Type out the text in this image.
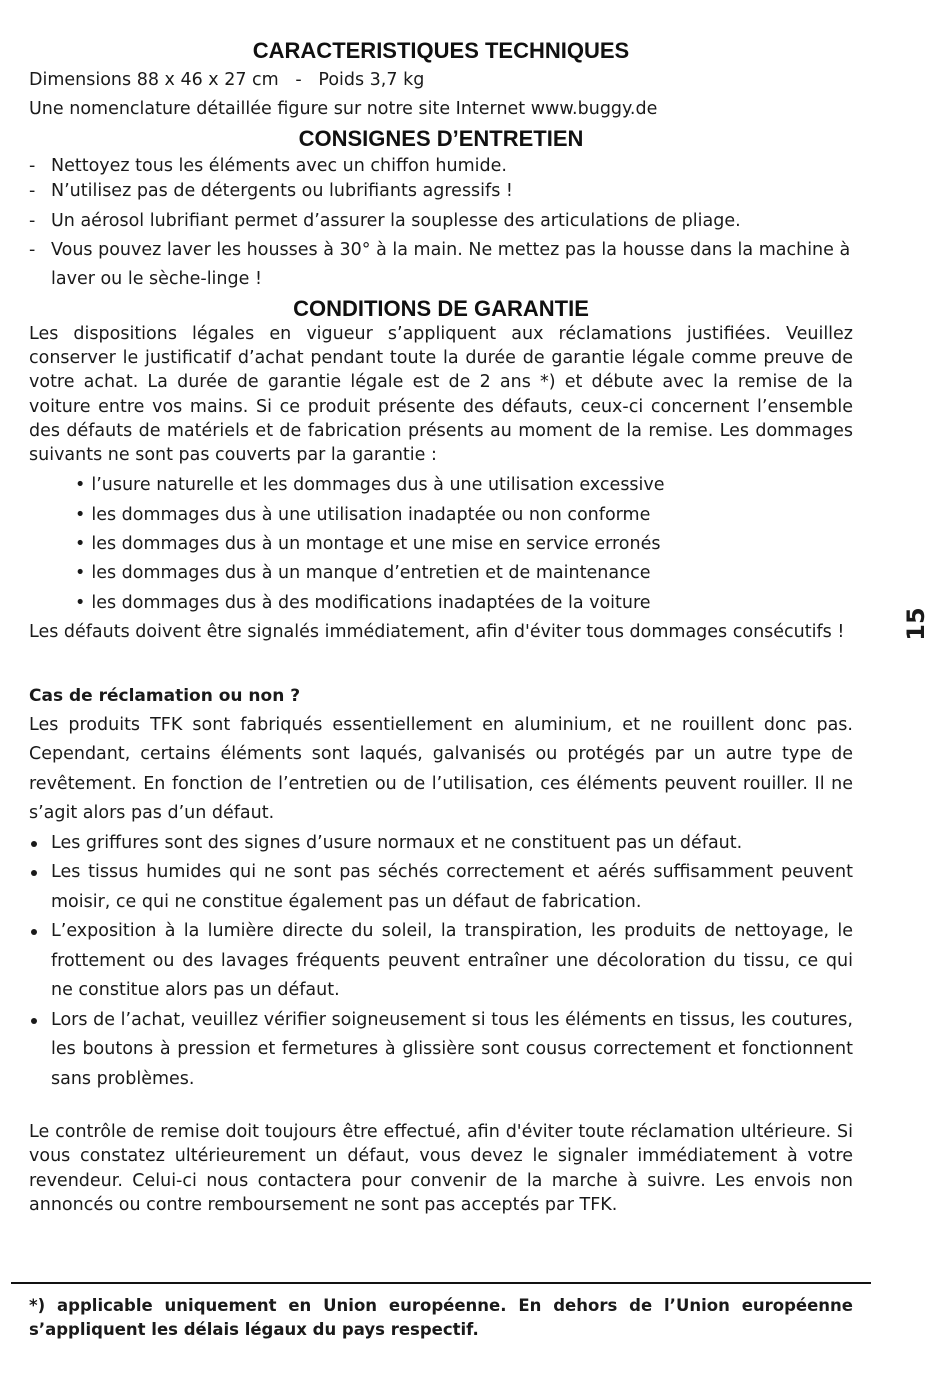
CARACTERISTIQUES TECHNIQUES
Dimensions 88 x 46 x 27 cm   -   Poids 3,7 kg
Une nomenclature détaillée figure sur notre site Internet www.buggy.de
CONSIGNES D’ENTRETIEN
- Nettoyez tous les éléments avec un chiffon humide.
- N’utilisez pas de détergents ou lubrifiants agressifs !
- Un aérosol lubrifiant permet d’assurer la souplesse des articulations de pliage.
- Vous pouvez laver les housses à 30° à la main. Ne mettez pas la housse dans la machine à laver ou le sèche-linge !
CONDITIONS DE GARANTIE
Les dispositions légales en vigueur s’appliquent aux réclamations justifiées. Veuillez conserver le justificatif d’achat pendant toute la durée de garantie légale comme preuve de votre achat. La durée de garantie légale est de 2 ans *) et débute avec la remise de la voiture entre vos mains. Si ce produit présente des défauts, ceux-ci concernent l’ensemble des défauts de matériels et de fabrication présents au moment de la remise. Les dommages suivants ne sont pas couverts par la garantie :
• l’usure naturelle et les dommages dus à une utilisation excessive
• les dommages dus à une utilisation inadaptée ou non conforme
• les dommages dus à un montage et une mise en service erronés
• les dommages dus à un manque d’entretien et de maintenance
• les dommages dus à des modifications inadaptées de la voiture
Les défauts doivent être signalés immédiatement, afin d'éviter tous dommages consécutifs !
Cas de réclamation ou non ?
Les produits TFK sont fabriqués essentiellement en aluminium, et ne rouillent donc pas. Cependant, certains éléments sont laqués, galvanisés ou protégés par un autre type de revêtement. En fonction de l’entretien ou de l’utilisation, ces éléments peuvent rouiller. Il ne s’agit alors pas d’un défaut.
Les griffures sont des signes d’usure normaux et ne constituent pas un défaut.
Les tissus humides qui ne sont pas séchés correctement et aérés suffisamment peuvent moisir, ce qui ne constitue également pas un défaut de fabrication.
L’exposition à la lumière directe du soleil, la transpiration, les produits de nettoyage, le frottement ou des lavages fréquents peuvent entraîner une décoloration du tissu, ce qui ne constitue alors pas un défaut.
Lors de l’achat, veuillez vérifier soigneusement si tous les éléments en tissus, les coutures, les boutons à pression et fermetures à glissière sont cousus correctement et fonctionnent sans problèmes.
Le contrôle de remise doit toujours être effectué, afin d'éviter toute réclamation ultérieure. Si vous constatez ultérieurement un défaut, vous devez le signaler immédiatement à votre revendeur. Celui-ci nous contactera pour convenir de la marche à suivre. Les envois non annoncés ou contre remboursement ne sont pas acceptés par TFK.
*) applicable uniquement en Union européenne. En dehors de l’Union européenne s’appliquent les délais légaux du pays respectif.
15
